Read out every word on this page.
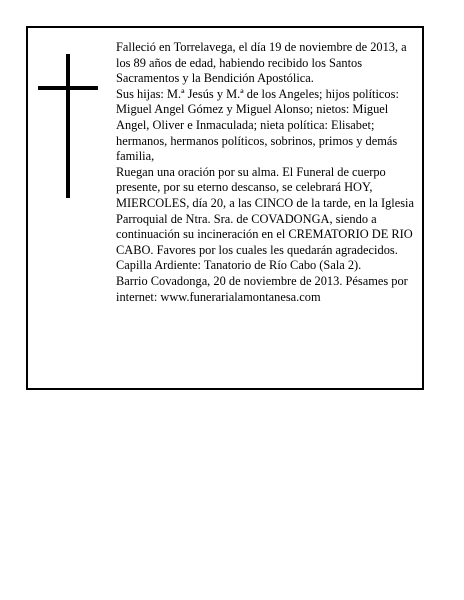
Falleció en Torrelavega, el día 19 de noviembre de 2013, a los 89 años de edad, habiendo recibido los Santos Sacramentos y la Bendición Apostólica.

Sus hijas: M.ª Jesús y M.ª de los Angeles; hijos políticos: Miguel Angel Gómez y Miguel Alonso; nietos: Miguel Angel, Oliver e Inmaculada; nieta política: Elisabet; hermanos, hermanos políticos, sobrinos, primos y demás familia,

Ruegan una oración por su alma. El Funeral de cuerpo presente, por su eterno descanso, se celebrará HOY, MIERCOLES, día 20, a las CINCO de la tarde, en la Iglesia Parroquial de Ntra. Sra. de COVADONGA, siendo a continuación su incineración en el CREMATORIO DE RIO CABO. Favores por los cuales les quedarán agradecidos. Capilla Ardiente: Tanatorio de Río Cabo (Sala 2).

Barrio Covadonga, 20 de noviembre de 2013. Pésames por internet: www.funerarialamontanesa.com
